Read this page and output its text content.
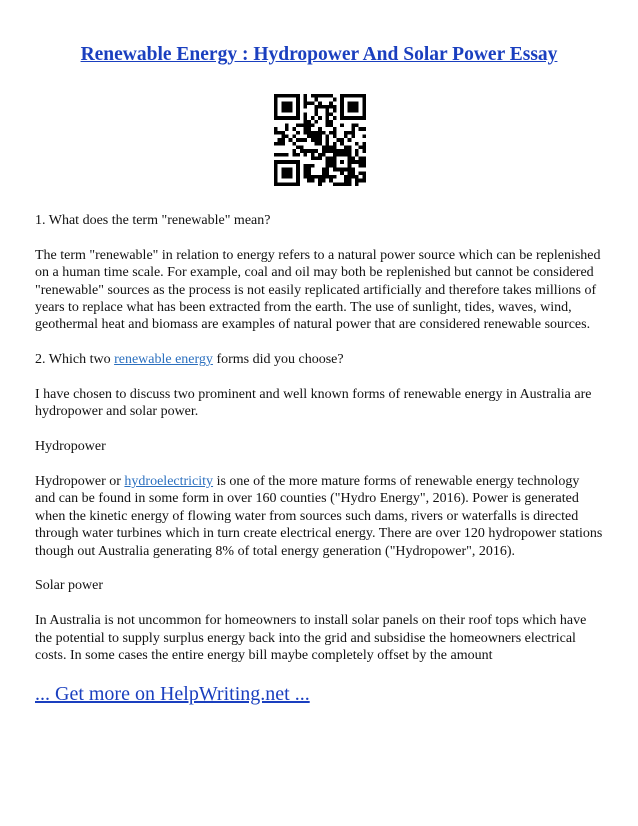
Renewable Energy : Hydropower And Solar Power Essay

1. What does the term "renewable" mean?

The term "renewable" in relation to energy refers to a natural power source which can be replenished on a human time scale. For example, coal and oil may both be replenished but cannot be considered "renewable" sources as the process is not easily replicated artificially and therefore takes millions of years to replace what has been extracted from the earth. The use of sunlight, tides, waves, wind, geothermal heat and biomass are examples of natural power that are considered renewable sources.

2. Which two renewable energy forms did you choose?

I have chosen to discuss two prominent and well known forms of renewable energy in Australia are hydropower and solar power.

Hydropower

Hydropower or hydroelectricity is one of the more mature forms of renewable energy technology and can be found in some form in over 160 counties ("Hydro Energy", 2016). Power is generated when the kinetic energy of flowing water from sources such dams, rivers or waterfalls is directed through water turbines which in turn create electrical energy. There are over 120 hydropower stations though out Australia generating 8% of total energy generation ("Hydropower", 2016).

Solar power

In Australia is not uncommon for homeowners to install solar panels on their roof tops which have the potential to supply surplus energy back into the grid and subsidise the homeowners electrical costs. In some cases the entire energy bill maybe completely offset by the amount

... Get more on HelpWriting.net ...
